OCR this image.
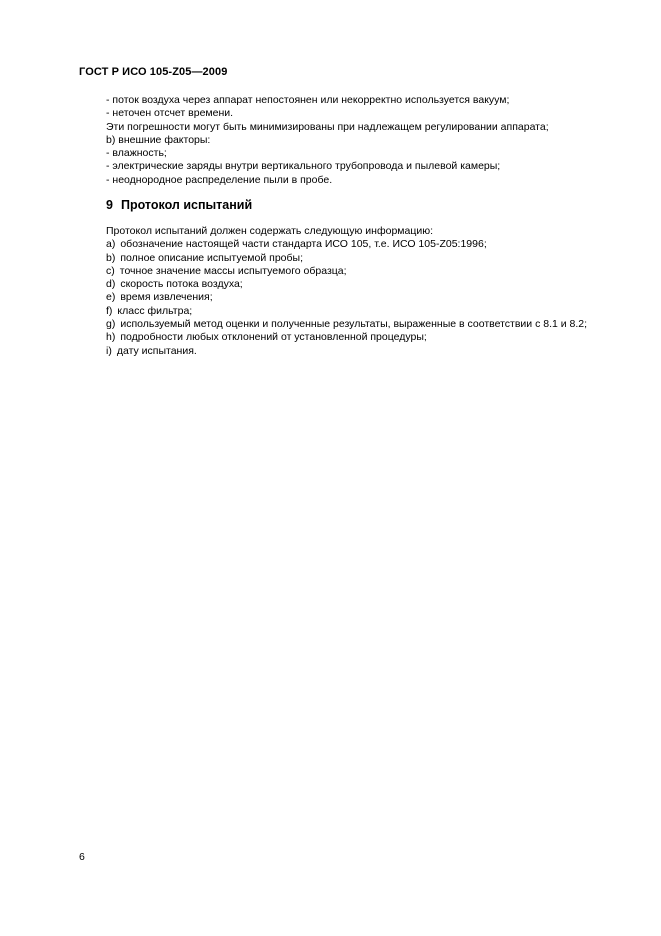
ГОСТ Р ИСО 105-Z05—2009
- поток воздуха через аппарат непостоянен или некорректно используется вакуум;
- неточен отсчет времени.
Эти погрешности могут быть минимизированы при надлежащем регулировании аппарата;
b) внешние факторы:
- влажность;
- электрические заряды внутри вертикального трубопровода и пылевой камеры;
- неоднородное распределение пыли в пробе.
9 Протокол испытаний
Протокол испытаний должен содержать следующую информацию:
a) обозначение настоящей части стандарта ИСО 105, т.е. ИСО 105-Z05:1996;
b) полное описание испытуемой пробы;
c) точное значение массы испытуемого образца;
d) скорость потока воздуха;
e) время извлечения;
f) класс фильтра;
g) используемый метод оценки и полученные результаты, выраженные в соответствии с 8.1 и 8.2;
h) подробности любых отклонений от установленной процедуры;
i) дату испытания.
6
